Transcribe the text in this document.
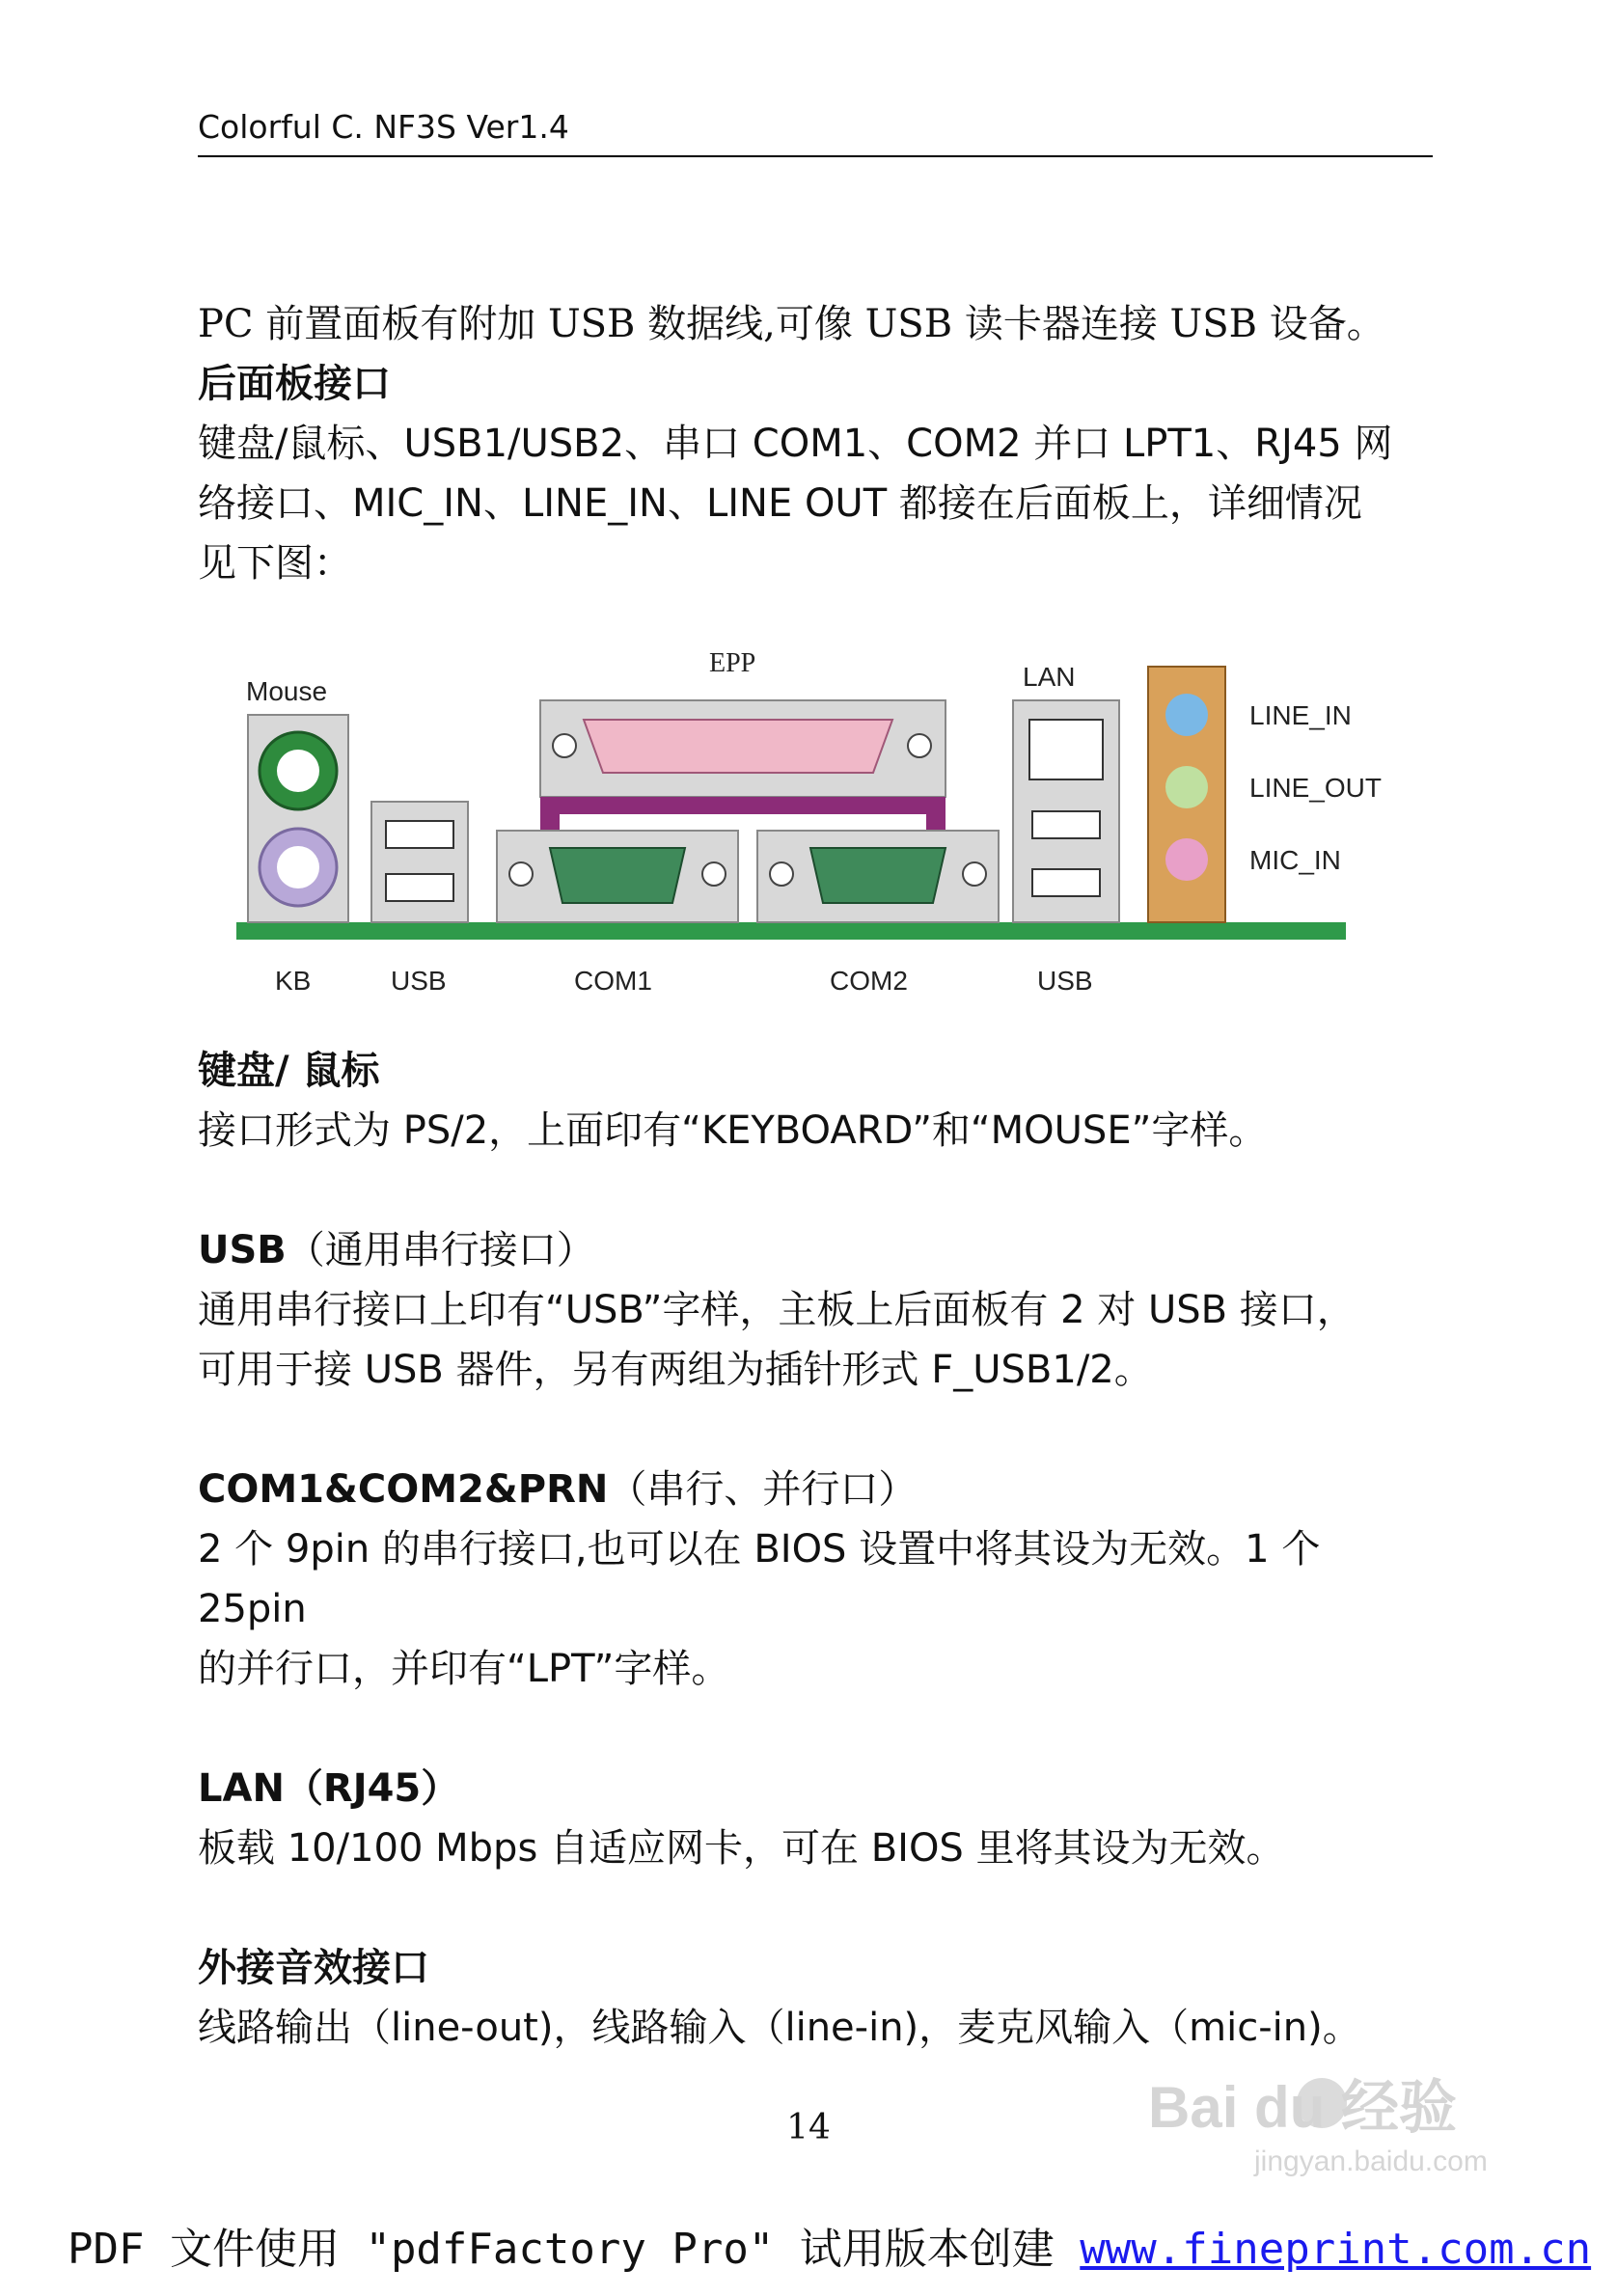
Colorful C. NF3S Ver1.4

PC 前置面板有附加 USB 数据线,可像 USB 读卡器连接 USB 设备。

后面板接口

键盘/鼠标、USB1/USB2、串口 COM1、COM2 并口 LPT1、RJ45 网

络接口、MIC_IN、LINE_IN、LINE OUT 都接在后面板上，详细情况

见下图：

Mouse
KB	USB
EPP
COM1	COM2
LAN
USB
LINE_IN
LINE_OUT
MIC_IN

键盘/ 鼠标

接口形式为 PS/2，上面印有“KEYBOARD”和“MOUSE”字样。

USB（通用串行接口）

通用串行接口上印有“USB”字样，主板上后面板有 2 对 USB 接口，

可用于接 USB 器件，另有两组为插针形式 F_USB1/2。

COM1&COM2&PRN（串行、并行口）

2 个 9pin 的串行接口,也可以在 BIOS 设置中将其设为无效。1 个 25pin

的并行口，并印有“LPT”字样。

LAN（RJ45）

板载 10/100 Mbps 自适应网卡，可在 BIOS 里将其设为无效。

外接音效接口

线路输出（line-out)，线路输入（line-in)，麦克风输入（mic-in)。

14	Bai du 经验
jingyan.baidu.com
PDF 文件使用 "pdfFactory Pro" 试用版本创建 www.fineprint.com.cn
